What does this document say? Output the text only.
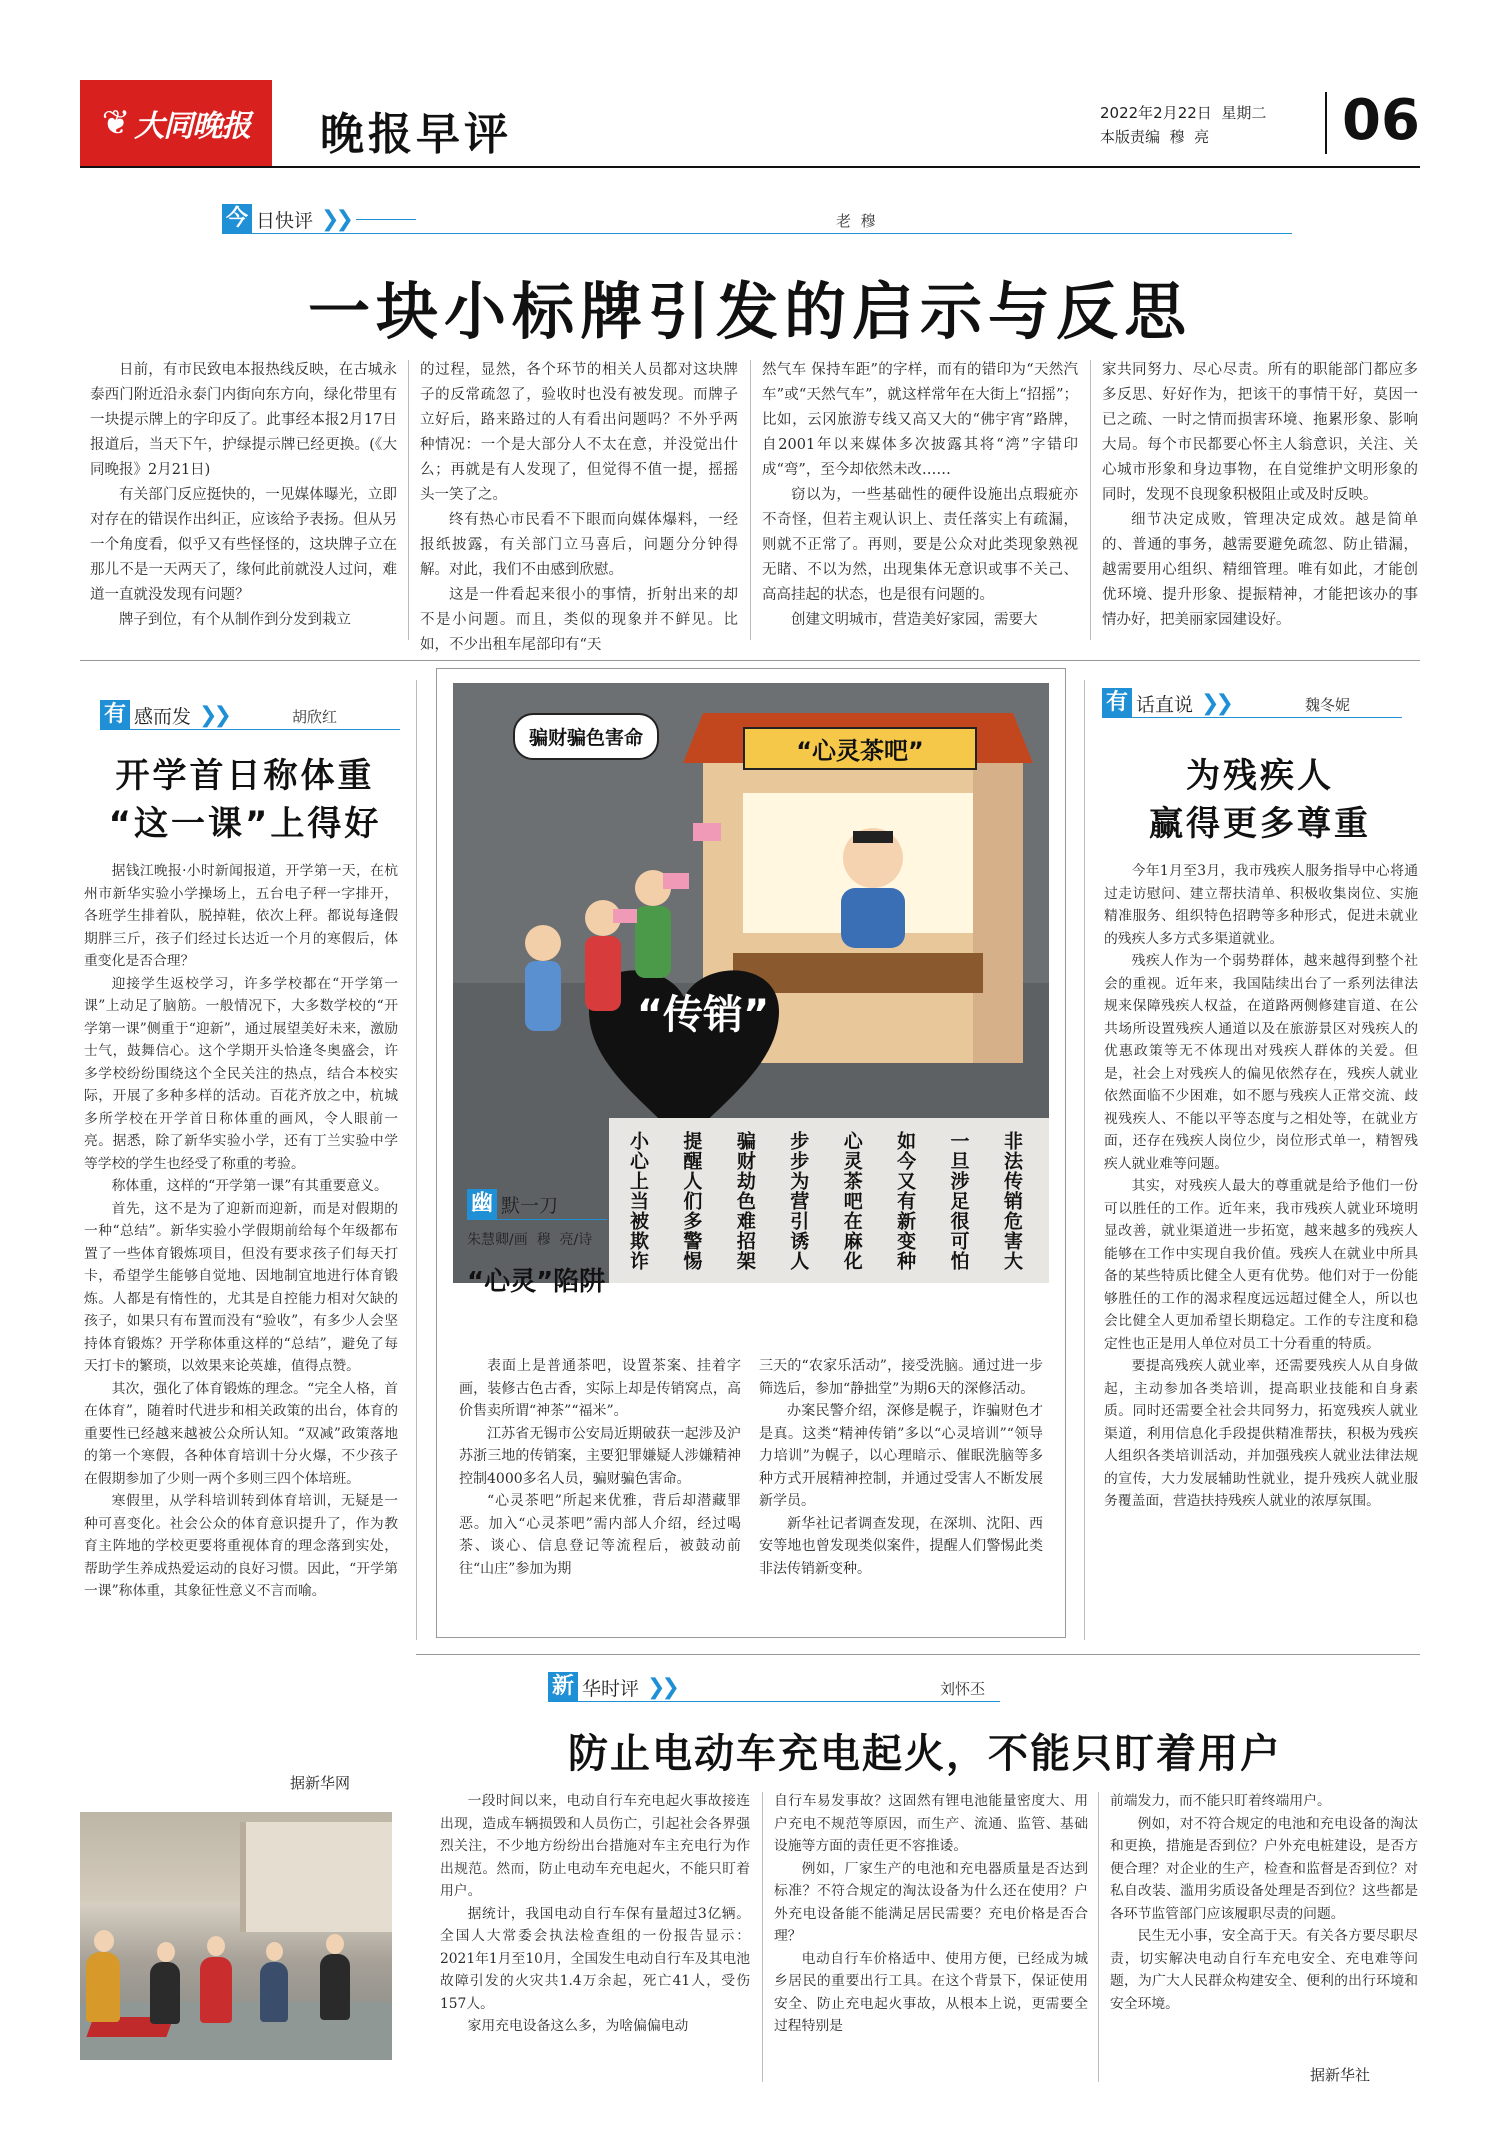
❦ 大同晚报 晚报早评	2022年2月22日  星期二
本版责编  穆  亮 06
今 日快评 ❯❯	老  穆
一块小标牌引发的启示与反思

日前，有市民致电本报热线反映，在古城永泰西门附近沿永泰门内街向东方向，绿化带里有一块提示牌上的字印反了。此事经本报2月17日报道后，当天下午，护绿提示牌已经更换。(《大同晚报》2月21日)

有关部门反应挺快的，一见媒体曝光，立即对存在的错误作出纠正，应该给予表扬。但从另一个角度看，似乎又有些怪怪的，这块牌子立在那儿不是一天两天了，缘何此前就没人过问，难道一直就没发现有问题？

牌子到位，有个从制作到分发到栽立

的过程，显然，各个环节的相关人员都对这块牌子的反常疏忽了，验收时也没有被发现。而牌子立好后，路来路过的人有看出问题吗？不外乎两种情况：一个是大部分人不太在意，并没觉出什么；再就是有人发现了，但觉得不值一提，摇摇头一笑了之。

终有热心市民看不下眼而向媒体爆料，一经报纸披露，有关部门立马喜后，问题分分钟得解。对此，我们不由感到欣慰。

这是一件看起来很小的事情，折射出来的却不是小问题。而且，类似的现象并不鲜见。比如，不少出租车尾部印有“天

然气车 保持车距”的字样，而有的错印为“天然汽车”或“天然气车”，就这样常年在大街上“招摇”；比如，云冈旅游专线又高又大的“佛宇宵”路牌，自2001年以来媒体多次披露其将“湾”字错印成“弯”，至今却依然未改……

窃以为，一些基础性的硬件设施出点瑕疵亦不奇怪，但若主观认识上、责任落实上有疏漏，则就不正常了。再则，要是公众对此类现象熟视无睹、不以为然，出现集体无意识或事不关己、高高挂起的状态，也是很有问题的。

创建文明城市，营造美好家园，需要大

家共同努力、尽心尽责。所有的职能部门都应多多反思、好好作为，把该干的事情干好，莫因一已之疏、一时之情而损害环境、拖累形象、影响大局。每个市民都要心怀主人翁意识，关注、关心城市形象和身边事物，在自觉维护文明形象的同时，发现不良现象积极阻止或及时反映。

细节决定成败，管理决定成效。越是简单的、普通的事务，越需要避免疏忽、防止错漏，越需要用心组织、精细管理。唯有如此，才能创优环境、提升形象、提振精神，才能把该办的事情办好，把美丽家园建设好。

有 感而发 ❯❯	胡欣红
开学首日称体重
“这一课”上得好

据钱江晚报·小时新闻报道，开学第一天，在杭州市新华实验小学操场上，五台电子秤一字排开，各班学生排着队，脱掉鞋，依次上秤。都说每逢假期胖三斤，孩子们经过长达近一个月的寒假后，体重变化是否合理？

迎接学生返校学习，许多学校都在“开学第一课”上动足了脑筋。一般情况下，大多数学校的“开学第一课”侧重于“迎新”，通过展望美好未来，激励士气，鼓舞信心。这个学期开头恰逢冬奥盛会，许多学校纷纷围绕这个全民关注的热点，结合本校实际，开展了多种多样的活动。百花齐放之中，杭城多所学校在开学首日称体重的画风，令人眼前一亮。据悉，除了新华实验小学，还有丁兰实验中学等学校的学生也经受了称重的考验。

称体重，这样的“开学第一课”有其重要意义。

首先，这不是为了迎新而迎新，而是对假期的一种“总结”。新华实验小学假期前给每个年级都布置了一些体育锻炼项目，但没有要求孩子们每天打卡，希望学生能够自觉地、因地制宜地进行体育锻炼。人都是有惰性的，尤其是自控能力相对欠缺的孩子，如果只有布置而没有“验收”，有多少人会坚持体育锻炼？开学称体重这样的“总结”，避免了每天打卡的繁琐，以效果来论英雄，值得点赞。

其次，强化了体育锻炼的理念。“完全人格，首在体育”，随着时代进步和相关政策的出台，体育的重要性已经越来越被公众所认知。“双减”政策落地的第一个寒假，各种体育培训十分火爆，不少孩子在假期参加了少则一两个多则三四个体培班。

寒假里，从学科培训转到体育培训，无疑是一种可喜变化。社会公众的体育意识提升了，作为教育主阵地的学校更要将重视体育的理念落到实处，帮助学生养成热爱运动的良好习惯。因此，“开学第一课”称体重，其象征性意义不言而喻。

据新华网
“心灵茶吧”
骗财骗色害命
“传销”
非法传销危害大
一旦涉足很可怕
如今又有新变种
心灵茶吧在麻化
步步为营引诱人
骗财劫色难招架
提醒人们多警惕
小心上当被欺诈
幽 默一刀
朱慧卿/画  穆  亮/诗
“心灵”陷阱

表面上是普通茶吧，设置茶案、挂着字画，装修古色古香，实际上却是传销窝点，高价售卖所谓“神茶”“福米”。

江苏省无锡市公安局近期破获一起涉及沪苏浙三地的传销案，主要犯罪嫌疑人涉嫌精神控制4000多名人员，骗财骗色害命。

“心灵茶吧”所起来优雅，背后却潜藏罪恶。加入“心灵茶吧”需内部人介绍，经过喝茶、谈心、信息登记等流程后，被鼓动前往“山庄”参加为期

三天的“农家乐活动”，接受洗脑。通过进一步筛选后，参加“静拙堂”为期6天的深修活动。

办案民警介绍，深修是幌子，诈骗财色才是真。这类“精神传销”多以“心灵培训”“领导力培训”为幌子，以心理暗示、催眠洗脑等多种方式开展精神控制，并通过受害人不断发展新学员。

新华社记者调查发现，在深圳、沈阳、西安等地也曾发现类似案件，提醒人们警惕此类非法传销新变种。

有 话直说 ❯❯	魏冬妮
为残疾人
赢得更多尊重

今年1月至3月，我市残疾人服务指导中心将通过走访慰问、建立帮扶清单、积极收集岗位、实施精准服务、组织特色招聘等多种形式，促进未就业的残疾人多方式多渠道就业。

残疾人作为一个弱势群体，越来越得到整个社会的重视。近年来，我国陆续出台了一系列法律法规来保障残疾人权益，在道路两侧修建盲道、在公共场所设置残疾人通道以及在旅游景区对残疾人的优惠政策等无不体现出对残疾人群体的关爱。但是，社会上对残疾人的偏见依然存在，残疾人就业依然面临不少困难，如不愿与残疾人正常交流、歧视残疾人、不能以平等态度与之相处等，在就业方面，还存在残疾人岗位少，岗位形式单一，精智残疾人就业难等问题。

其实，对残疾人最大的尊重就是给予他们一份可以胜任的工作。近年来，我市残疾人就业环境明显改善，就业渠道进一步拓宽，越来越多的残疾人能够在工作中实现自我价值。残疾人在就业中所具备的某些特质比健全人更有优势。他们对于一份能够胜任的工作的渴求程度远远超过健全人，所以也会比健全人更加希望长期稳定。工作的专注度和稳定性也正是用人单位对员工十分看重的特质。

要提高残疾人就业率，还需要残疾人从自身做起，主动参加各类培训，提高职业技能和自身素质。同时还需要全社会共同努力，拓宽残疾人就业渠道，利用信息化手段提供精准帮扶，积极为残疾人组织各类培训活动，并加强残疾人就业法律法规的宣传，大力发展辅助性就业，提升残疾人就业服务覆盖面，营造扶持残疾人就业的浓厚氛围。

新 华时评 ❯❯	刘怀丕
防止电动车充电起火，不能只盯着用户

一段时间以来，电动自行车充电起火事故接连出现，造成车辆损毁和人员伤亡，引起社会各界强烈关注，不少地方纷纷出台措施对车主充电行为作出规范。然而，防止电动车充电起火，不能只盯着用户。

据统计，我国电动自行车保有量超过3亿辆。全国人大常委会执法检查组的一份报告显示：2021年1月至10月，全国发生电动自行车及其电池故障引发的火灾共1.4万余起，死亡41人，受伤157人。

家用充电设备这么多，为啥偏偏电动

自行车易发事故？这固然有锂电池能量密度大、用户充电不规范等原因，而生产、流通、监管、基础设施等方面的责任更不容推诿。

例如，厂家生产的电池和充电器质量是否达到标准？不符合规定的淘汰设备为什么还在使用？户外充电设备能不能满足居民需要？充电价格是否合理？

电动自行车价格适中、使用方便，已经成为城乡居民的重要出行工具。在这个背景下，保证使用安全、防止充电起火事故，从根本上说，更需要全过程特别是

前端发力，而不能只盯着终端用户。

例如，对不符合规定的电池和充电设备的淘汰和更换，措施是否到位？户外充电桩建设，是否方便合理？对企业的生产，检查和监督是否到位？对私自改装、滥用劣质设备处理是否到位？这些都是各环节监管部门应该履职尽责的问题。

民生无小事，安全高于天。有关各方要尽职尽责，切实解决电动自行车充电安全、充电难等问题，为广大人民群众构建安全、便利的出行环境和安全环境。

据新华社
